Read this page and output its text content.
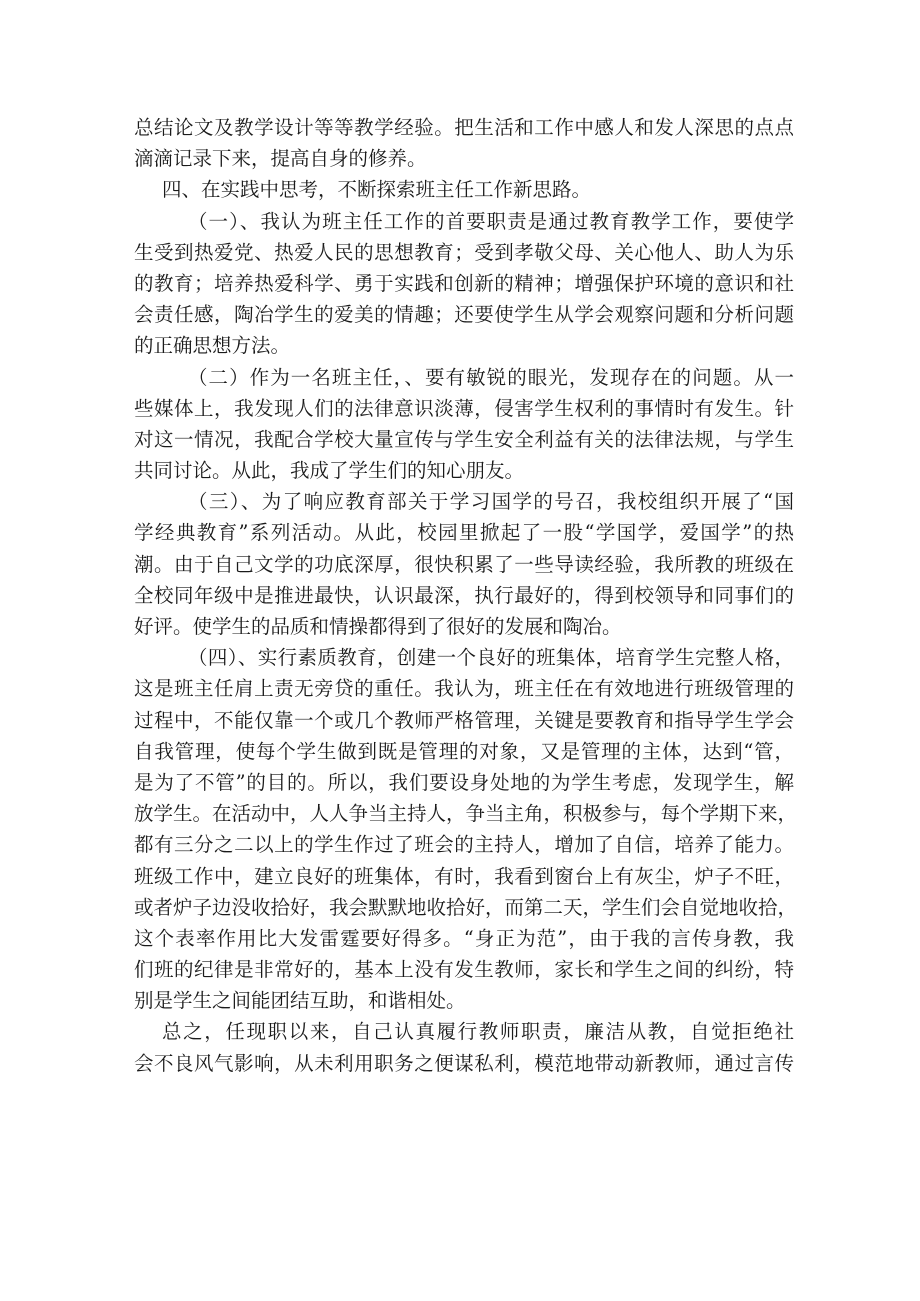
总结论文及教学设计等等教学经验。把生活和工作中感人和发人深思的点点
滴滴记录下来，提高自身的修养。
四、在实践中思考，不断探索班主任工作新思路。
（一）、我认为班主任工作的首要职责是通过教育教学工作，要使学
生受到热爱党、热爱人民的思想教育；受到孝敬父母、关心他人、助人为乐
的教育；培养热爱科学、勇于实践和创新的精神；增强保护环境的意识和社
会责任感，陶冶学生的爱美的情趣；还要使学生从学会观察问题和分析问题
的正确思想方法。
（二）作为一名班主任，、要有敏锐的眼光，发现存在的问题。从一
些媒体上，我发现人们的法律意识淡薄，侵害学生权利的事情时有发生。针
对这一情况，我配合学校大量宣传与学生安全利益有关的法律法规，与学生
共同讨论。从此，我成了学生们的知心朋友。
（三）、为了响应教育部关于学习国学的号召，我校组织开展了“国
学经典教育”系列活动。从此，校园里掀起了一股“学国学，爱国学”的热
潮。由于自己文学的功底深厚，很快积累了一些导读经验，我所教的班级在
全校同年级中是推进最快，认识最深，执行最好的，得到校领导和同事们的
好评。使学生的品质和情操都得到了很好的发展和陶冶。
（四）、实行素质教育，创建一个良好的班集体，培育学生完整人格，
这是班主任肩上责无旁贷的重任。我认为，班主任在有效地进行班级管理的
过程中，不能仅靠一个或几个教师严格管理，关键是要教育和指导学生学会
自我管理，使每个学生做到既是管理的对象，又是管理的主体，达到“管，
是为了不管”的目的。所以，我们要设身处地的为学生考虑，发现学生，解
放学生。在活动中，人人争当主持人，争当主角，积极参与，每个学期下来，
都有三分之二以上的学生作过了班会的主持人，增加了自信，培养了能力。
班级工作中，建立良好的班集体，有时，我看到窗台上有灰尘，炉子不旺，
或者炉子边没收拾好，我会默默地收拾好，而第二天，学生们会自觉地收拾，
这个表率作用比大发雷霆要好得多。“身正为范”，由于我的言传身教，我
们班的纪律是非常好的，基本上没有发生教师，家长和学生之间的纠纷，特
别是学生之间能团结互助，和谐相处。
总之，任现职以来，自己认真履行教师职责，廉洁从教，自觉拒绝社
会不良风气影响，从未利用职务之便谋私利，模范地带动新教师，通过言传
